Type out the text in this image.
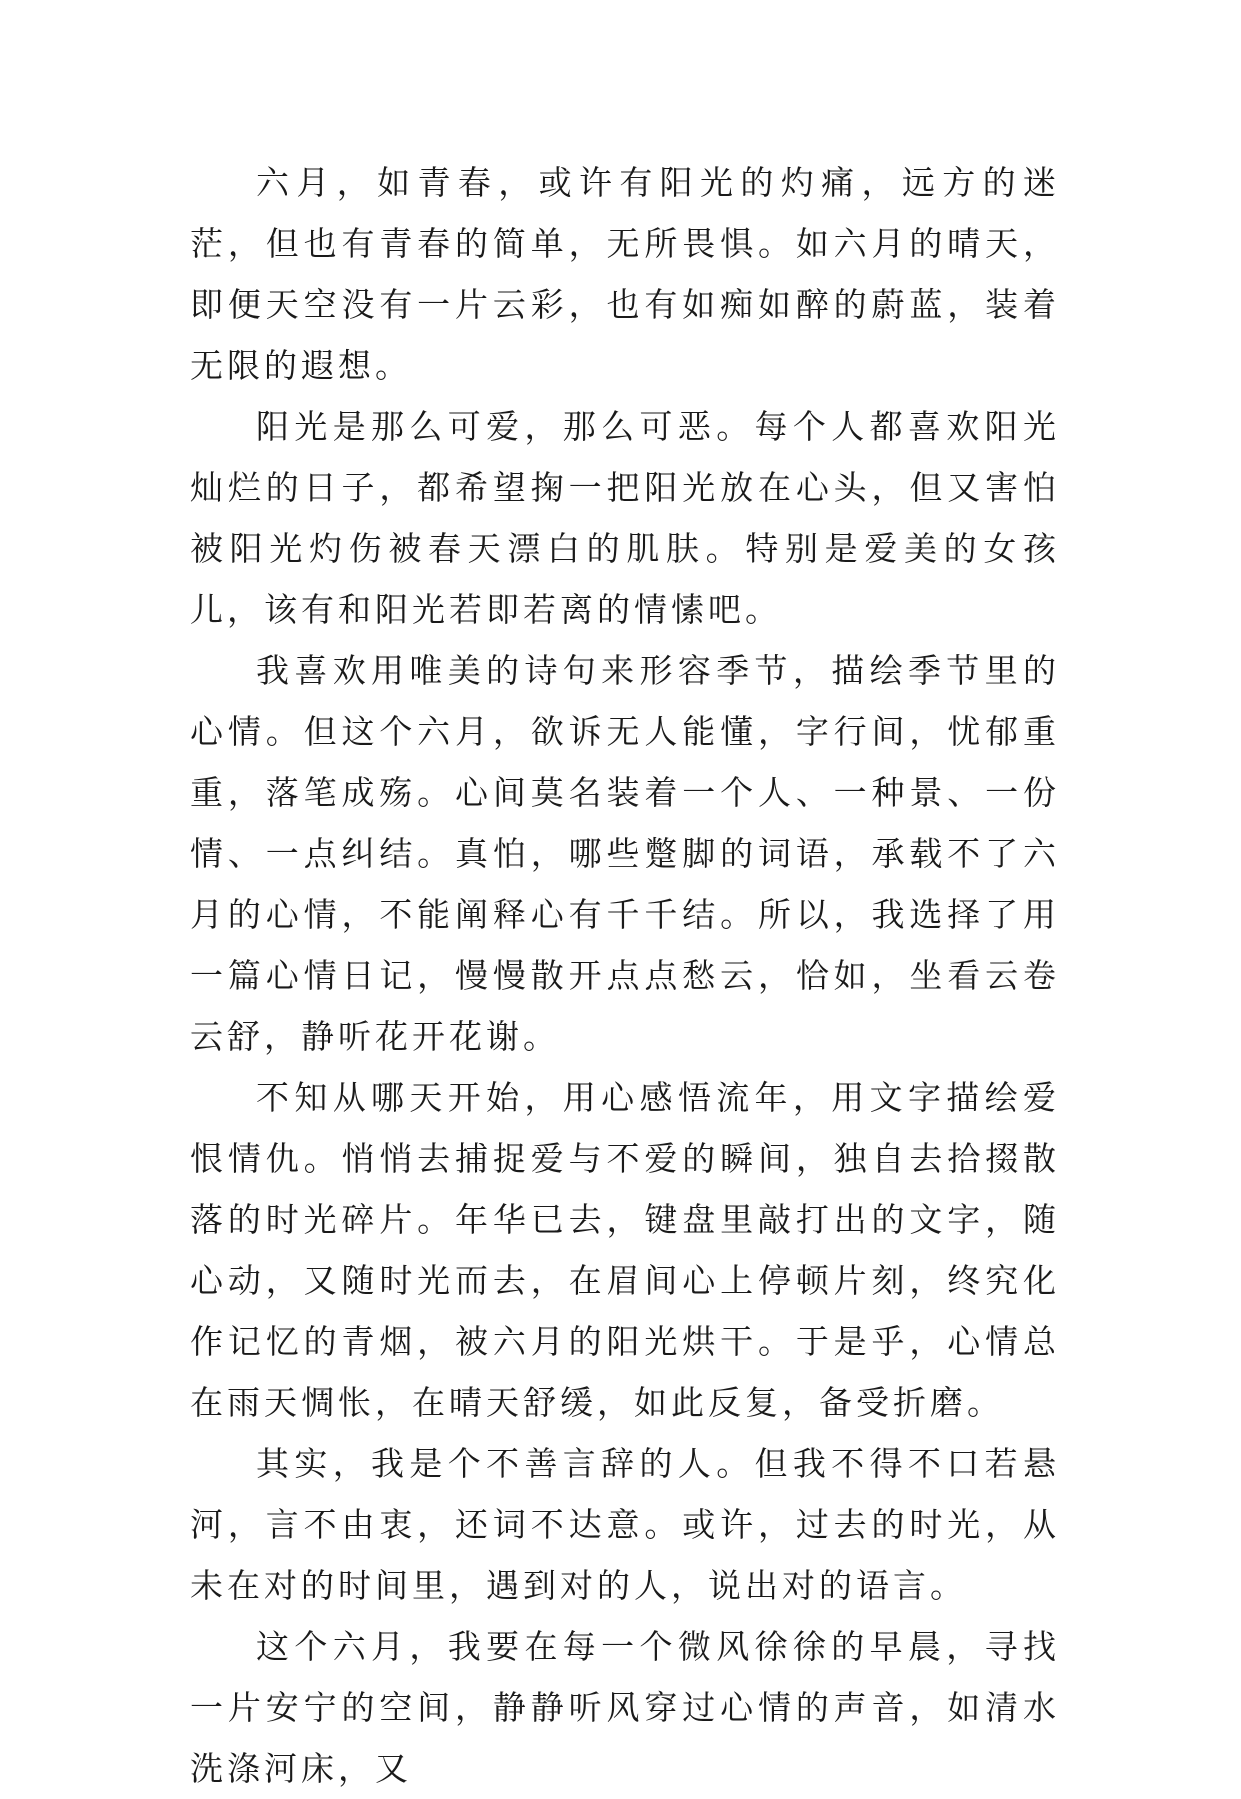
六月，如青春，或许有阳光的灼痛，远方的迷茫，但也有青春的简单，无所畏惧。如六月的晴天，即便天空没有一片云彩，也有如痴如醉的蔚蓝，装着无限的遐想。

阳光是那么可爱，那么可恶。每个人都喜欢阳光灿烂的日子，都希望掬一把阳光放在心头，但又害怕被阳光灼伤被春天漂白的肌肤。特别是爱美的女孩儿，该有和阳光若即若离的情愫吧。

我喜欢用唯美的诗句来形容季节，描绘季节里的心情。但这个六月，欲诉无人能懂，字行间，忧郁重重，落笔成殇。心间莫名装着一个人、一种景、一份情、一点纠结。真怕，哪些蹩脚的词语，承载不了六月的心情，不能阐释心有千千结。所以，我选择了用一篇心情日记，慢慢散开点点愁云，恰如，坐看云卷云舒，静听花开花谢。

不知从哪天开始，用心感悟流年，用文字描绘爱恨情仇。悄悄去捕捉爱与不爱的瞬间，独自去拾掇散落的时光碎片。年华已去，键盘里敲打出的文字，随心动，又随时光而去，在眉间心上停顿片刻，终究化作记忆的青烟，被六月的阳光烘干。于是乎，心情总在雨天惆怅，在晴天舒缓，如此反复，备受折磨。

其实，我是个不善言辞的人。但我不得不口若悬河，言不由衷，还词不达意。或许，过去的时光，从未在对的时间里，遇到对的人，说出对的语言。

这个六月，我要在每一个微风徐徐的早晨，寻找一片安宁的空间，静静听风穿过心情的声音，如清水洗涤河床，又
